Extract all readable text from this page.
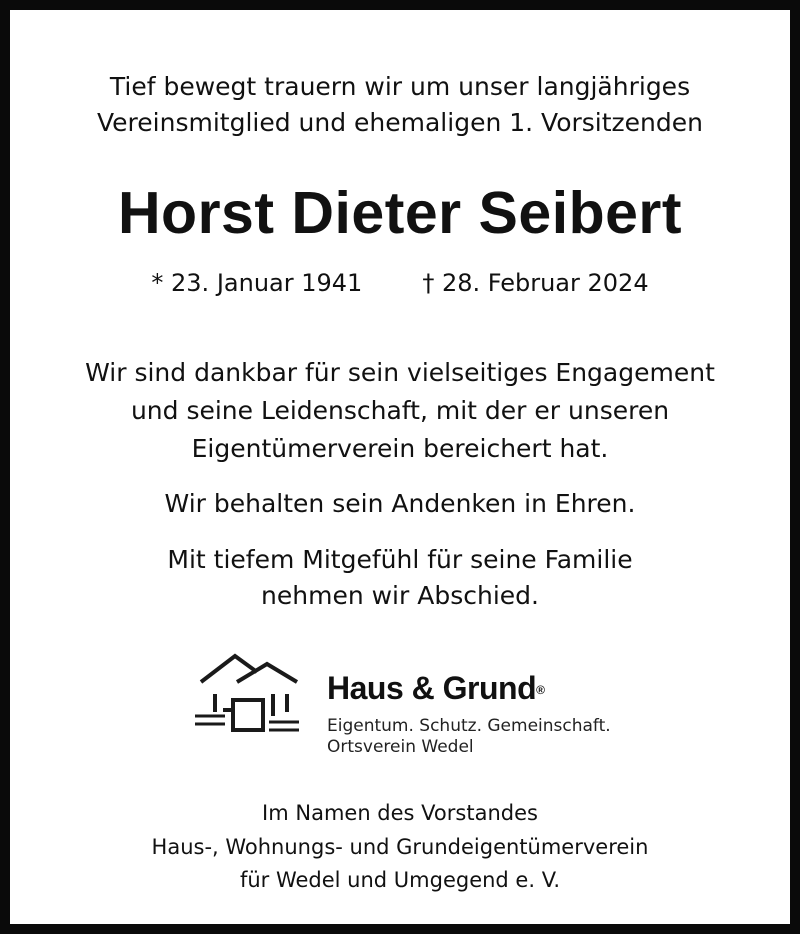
Tief bewegt trauern wir um unser langjähriges
Vereinsmitglied und ehemaligen 1. Vorsitzenden
Horst Dieter Seibert
* 23. Januar 1941	† 28. Februar 2024
Wir sind dankbar für sein vielseitiges Engagement
und seine Leidenschaft, mit der er unseren
Eigentümerverein bereichert hat.
Wir behalten sein Andenken in Ehren.
Mit tiefem Mitgefühl für seine Familie
nehmen wir Abschied.
Haus & Grund®
Eigentum. Schutz. Gemeinschaft.
Ortsverein Wedel
Im Namen des Vorstandes
Haus-, Wohnungs- und Grundeigentümerverein
für Wedel und Umgegend e. V.
